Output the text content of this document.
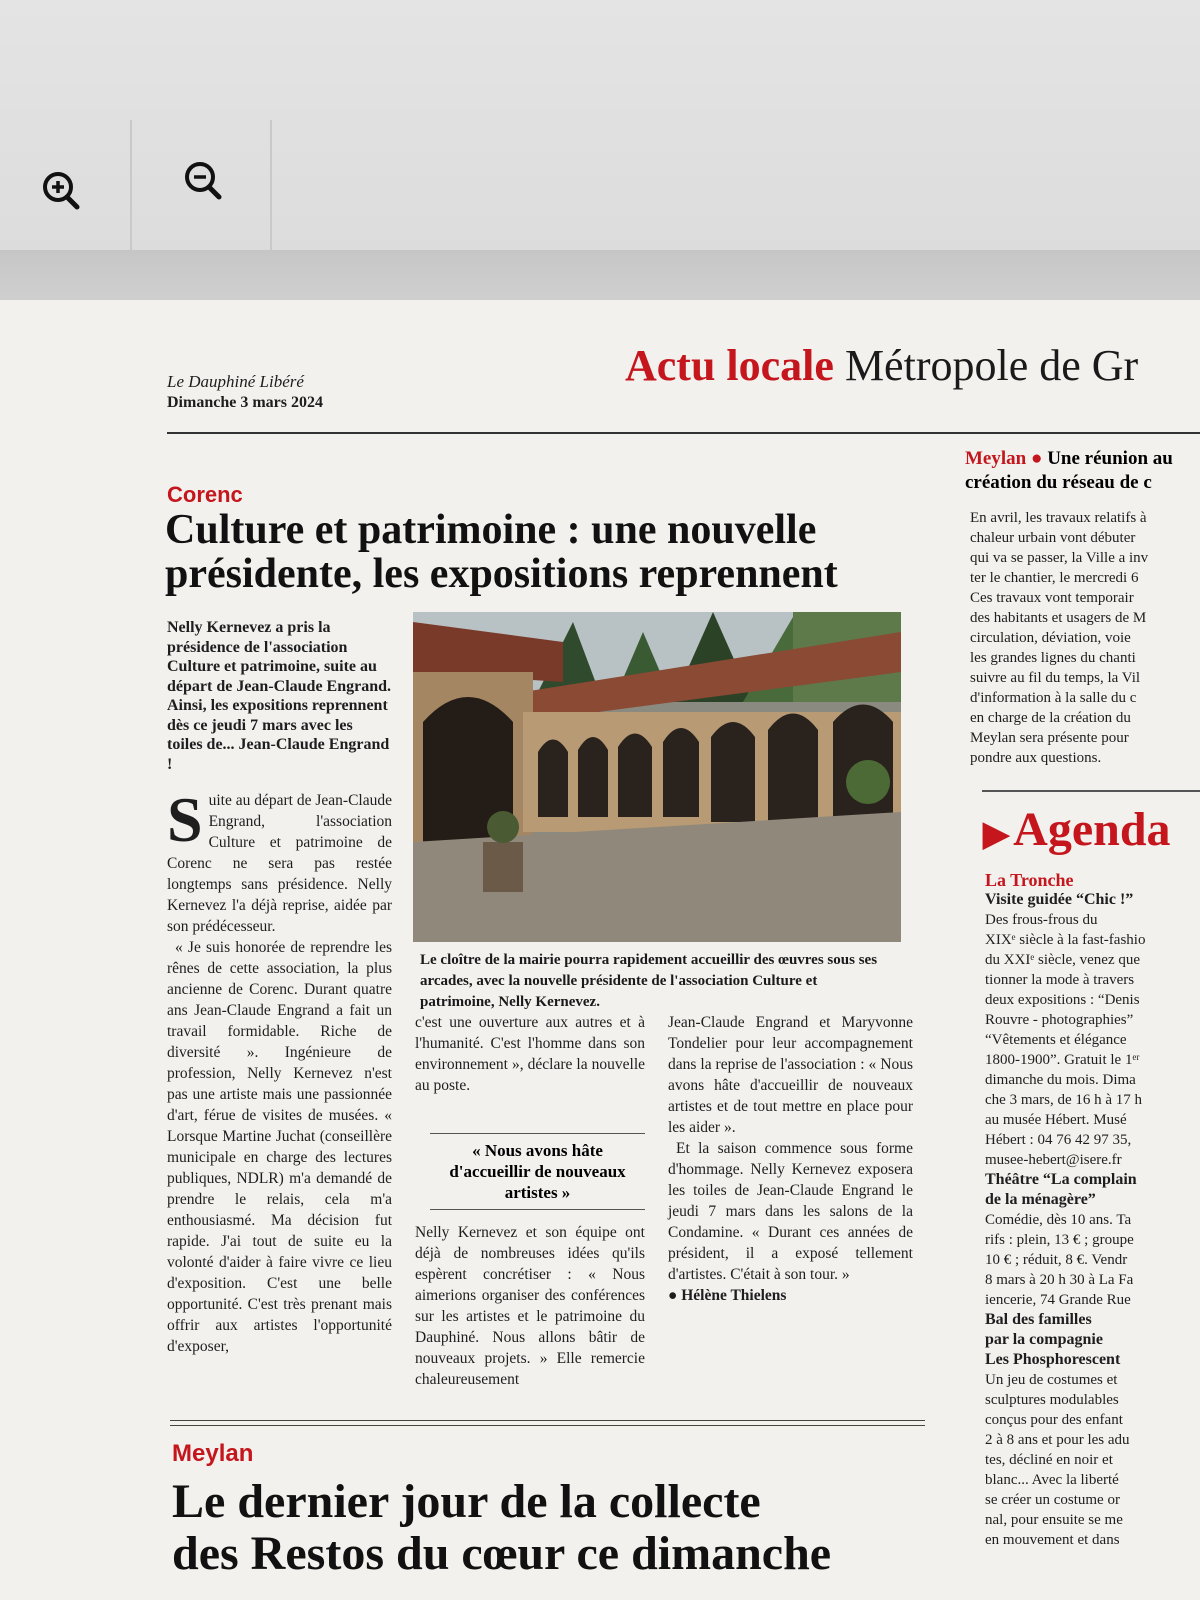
Le Dauphiné Libéré
Dimanche 3 mars 2024
Actu locale Métropole de Gr
Corenc
Culture et patrimoine : une nouvelle
présidente, les expositions reprennent
Nelly Kernevez a pris la présidence de l'association Culture et patrimoine, suite au départ de Jean-Claude Engrand. Ainsi, les expositions reprennent dès ce jeudi 7 mars avec les toiles de... Jean-Claude Engrand !
Suite au départ de Jean-Claude Engrand, l'association Culture et patrimoine de Corenc ne sera pas restée longtemps sans présidence. Nelly Kernevez l'a déjà reprise, aidée par son prédécesseur.
« Je suis honorée de reprendre les rênes de cette association, la plus ancienne de Corenc. Durant quatre ans Jean-Claude Engrand a fait un travail formidable. Riche de diversité ». Ingénieure de profession, Nelly Kernevez n'est pas une artiste mais une passionnée d'art, férue de visites de musées. « Lorsque Martine Juchat (conseillère municipale en charge des lectures publiques, NDLR) m'a demandé de prendre le relais, cela m'a enthousiasmé. Ma décision fut rapide. J'ai tout de suite eu la volonté d'aider à faire vivre ce lieu d'exposition. C'est une belle opportunité. C'est très prenant mais offrir aux artistes l'opportunité d'exposer,
Le cloître de la mairie pourra rapidement accueillir des œuvres sous ses arcades, avec la nouvelle présidente de l'association Culture et patrimoine, Nelly Kernevez.
c'est une ouverture aux autres et à l'humanité. C'est l'homme dans son environnement », déclare la nouvelle au poste.
« Nous avons hâte d'accueillir de nouveaux artistes »
Nelly Kernevez et son équipe ont déjà de nombreuses idées qu'ils espèrent concrétiser : « Nous aimerions organiser des conférences sur les artistes et le patrimoine du Dauphiné. Nous allons bâtir de nouveaux projets. » Elle remercie chaleureusement
Jean-Claude Engrand et Maryvonne Tondelier pour leur accompagnement dans la reprise de l'association : « Nous avons hâte d'accueillir de nouveaux artistes et de tout mettre en place pour les aider ».
Et la saison commence sous forme d'hommage. Nelly Kernevez exposera les toiles de Jean-Claude Engrand le jeudi 7 mars dans les salons de la Condamine. « Durant ces années de président, il a exposé tellement d'artistes. C'était à son tour. »
● Hélène Thielens
Meylan
Le dernier jour de la collecte
des Restos du cœur ce dimanche
Meylan ● Une réunion au
création du réseau de c
En avril, les travaux relatifs à
chaleur urbain vont débuter
qui va se passer, la Ville a inv
ter le chantier, le mercredi 6
Ces travaux vont temporair
des habitants et usagers de M
circulation, déviation, voie
les grandes lignes du chanti
suivre au fil du temps, la Vil
d'information à la salle du c
en charge de la création du
Meylan sera présente pour
pondre aux questions.
▶Agenda
La Tronche
Visite guidée “Chic !”
Des frous-frous du
XIXᵉ siècle à la fast-fashio
du XXIᵉ siècle, venez que
tionner la mode à travers
deux expositions : “Denis
Rouvre - photographies”
“Vêtements et élégance
1800-1900”. Gratuit le 1ᵉʳ
dimanche du mois. Dima
che 3 mars, de 16 h à 17 h
au musée Hébert. Musé
Hébert : 04 76 42 97 35,
musee-hebert@isere.fr
Théâtre “La complain
de la ménagère”
Comédie, dès 10 ans. Ta
rifs : plein, 13 € ; groupe
10 € ; réduit, 8 €. Vendr
8 mars à 20 h 30 à La Fa
iencerie, 74 Grande Rue
Bal des familles
par la compagnie
Les Phosphorescent
Un jeu de costumes et
sculptures modulables
conçus pour des enfant
2 à 8 ans et pour les adu
tes, décliné en noir et
blanc... Avec la liberté
se créer un costume or
nal, pour ensuite se me
en mouvement et dans
